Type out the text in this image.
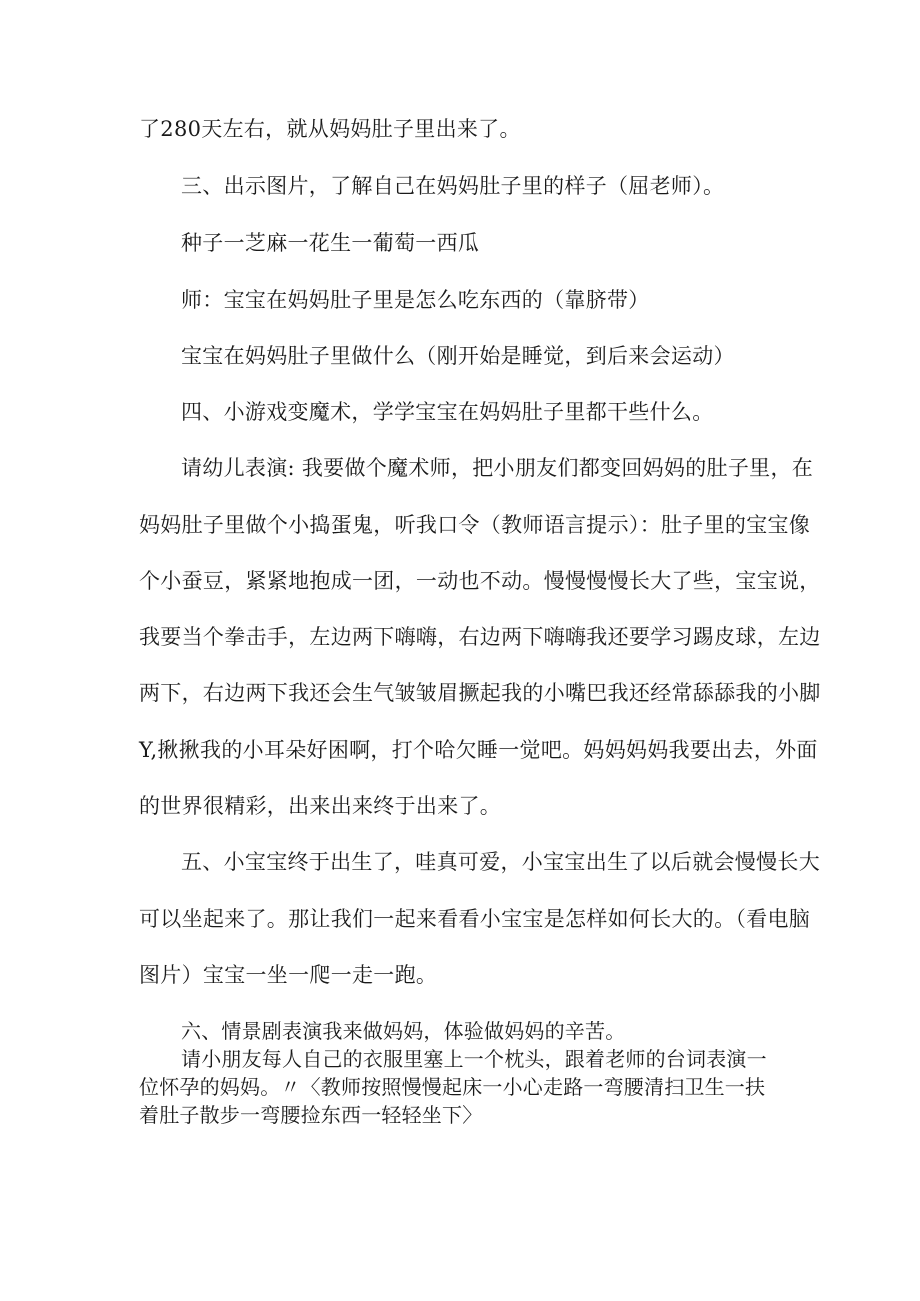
了280天左右，就从妈妈肚子里出来了。

三、出示图片，了解自己在妈妈肚子里的样子（屈老师）。

种子一芝麻一花生一葡萄一西瓜

师：宝宝在妈妈肚子里是怎么吃东西的（靠脐带）

宝宝在妈妈肚子里做什么（刚开始是睡觉，到后来会运动）

四、小游戏变魔术，学学宝宝在妈妈肚子里都干些什么。

请幼儿表演: 我要做个魔术师，把小朋友们都变回妈妈的肚子里，在

妈妈肚子里做个小捣蛋鬼，听我口令（教师语言提示）：肚子里的宝宝像

个小蚕豆，紧紧地抱成一团，一动也不动。慢慢慢慢长大了些，宝宝说，

我要当个拳击手，左边两下嗨嗨，右边两下嗨嗨我还要学习踢皮球，左边

两下，右边两下我还会生气皱皱眉撅起我的小嘴巴我还经常舔舔我的小脚

Y,揪揪我的小耳朵好困啊，打个哈欠睡一觉吧。妈妈妈妈我要出去，外面

的世界很精彩，出来出来终于出来了。

五、小宝宝终于出生了，哇真可爱，小宝宝出生了以后就会慢慢长大

可以坐起来了。那让我们一起来看看小宝宝是怎样如何长大的。（看电脑

图片）宝宝一坐一爬一走一跑。

六、情景剧表演我来做妈妈，体验做妈妈的辛苦。

请小朋友每人自己的衣服里塞上一个枕头，跟着老师的台词表演一

位怀孕的妈妈。〃〈教师按照慢慢起床一小心走路一弯腰清扫卫生一扶

着肚子散步一弯腰捡东西一轻轻坐下〉
